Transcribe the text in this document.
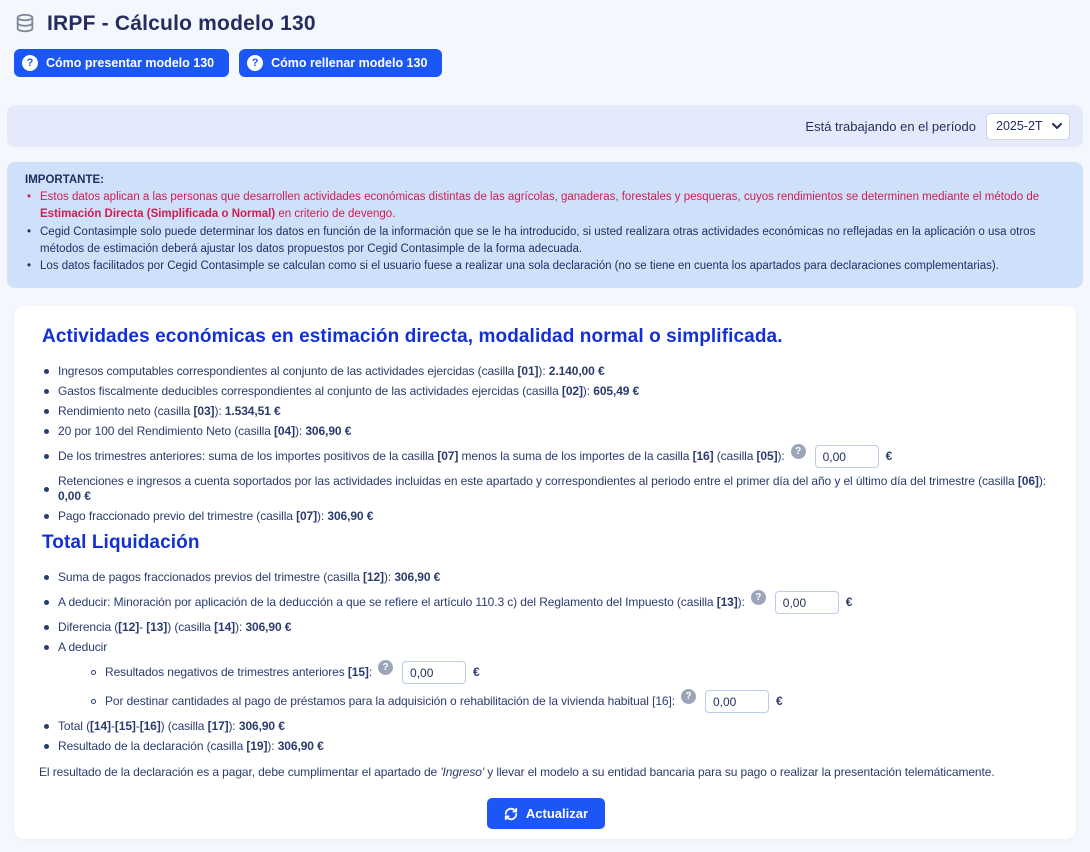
IRPF - Cálculo modelo 130
?	Cómo presentar modelo 130	?	Cómo rellenar modelo 130
Está trabajando en el período
2025-2T
IMPORTANTE:
• Estos datos aplican a las personas que desarrollen actividades económicas distintas de las agrícolas, ganaderas, forestales y pesqueras, cuyos rendimientos se determinen mediante el método de Estimación Directa (Simplificada o Normal) en criterio de devengo.
• Cegid Contasimple solo puede determinar los datos en función de la información que se le ha introducido, si usted realizara otras actividades económicas no reflejadas en la aplicación o usa otros métodos de estimación deberá ajustar los datos propuestos por Cegid Contasimple de la forma adecuada.
• Los datos facilitados por Cegid Contasimple se calculan como si el usuario fuese a realizar una sola declaración (no se tiene en cuenta los apartados para declaraciones complementarias).
Actividades económicas en estimación directa, modalidad normal o simplificada.
Ingresos computables correspondientes al conjunto de las actividades ejercidas (casilla [01]): 2.140,00 €
Gastos fiscalmente deducibles correspondientes al conjunto de las actividades ejercidas (casilla [02]): 605,49 €
Rendimiento neto (casilla [03]): 1.534,51 €
20 por 100 del Rendimiento Neto (casilla [04]): 306,90 €
De los trimestres anteriores: suma de los importes positivos de la casilla [07] menos la suma de los importes de la casilla [16] (casilla [05]):	?
0,00	€
Retenciones e ingresos a cuenta soportados por las actividades incluidas en este apartado y correspondientes al periodo entre el primer día del año y el último día del trimestre (casilla [06]): 0,00 €
Pago fraccionado previo del trimestre (casilla [07]): 306,90 €
Total Liquidación
Suma de pagos fraccionados previos del trimestre (casilla [12]): 306,90 €
A deducir: Minoración por aplicación de la deducción a que se refiere el artículo 110.3 c) del Reglamento del Impuesto (casilla [13]):	?
0,00	€
Diferencia ([12]- [13]) (casilla [14]): 306,90 €
A deducir
Resultados negativos de trimestres anteriores [15]:	?
0,00	€
Por destinar cantidades al pago de préstamos para la adquisición o rehabilitación de la vivienda habitual [16]:	?
0,00	€
Total ([14]-[15]-[16]) (casilla [17]): 306,90 €
Resultado de la declaración (casilla [19]): 306,90 €
El resultado de la declaración es a pagar, debe cumplimentar el apartado de 'Ingreso' y llevar el modelo a su entidad bancaria para su pago o realizar la presentación telemáticamente.
Actualizar
